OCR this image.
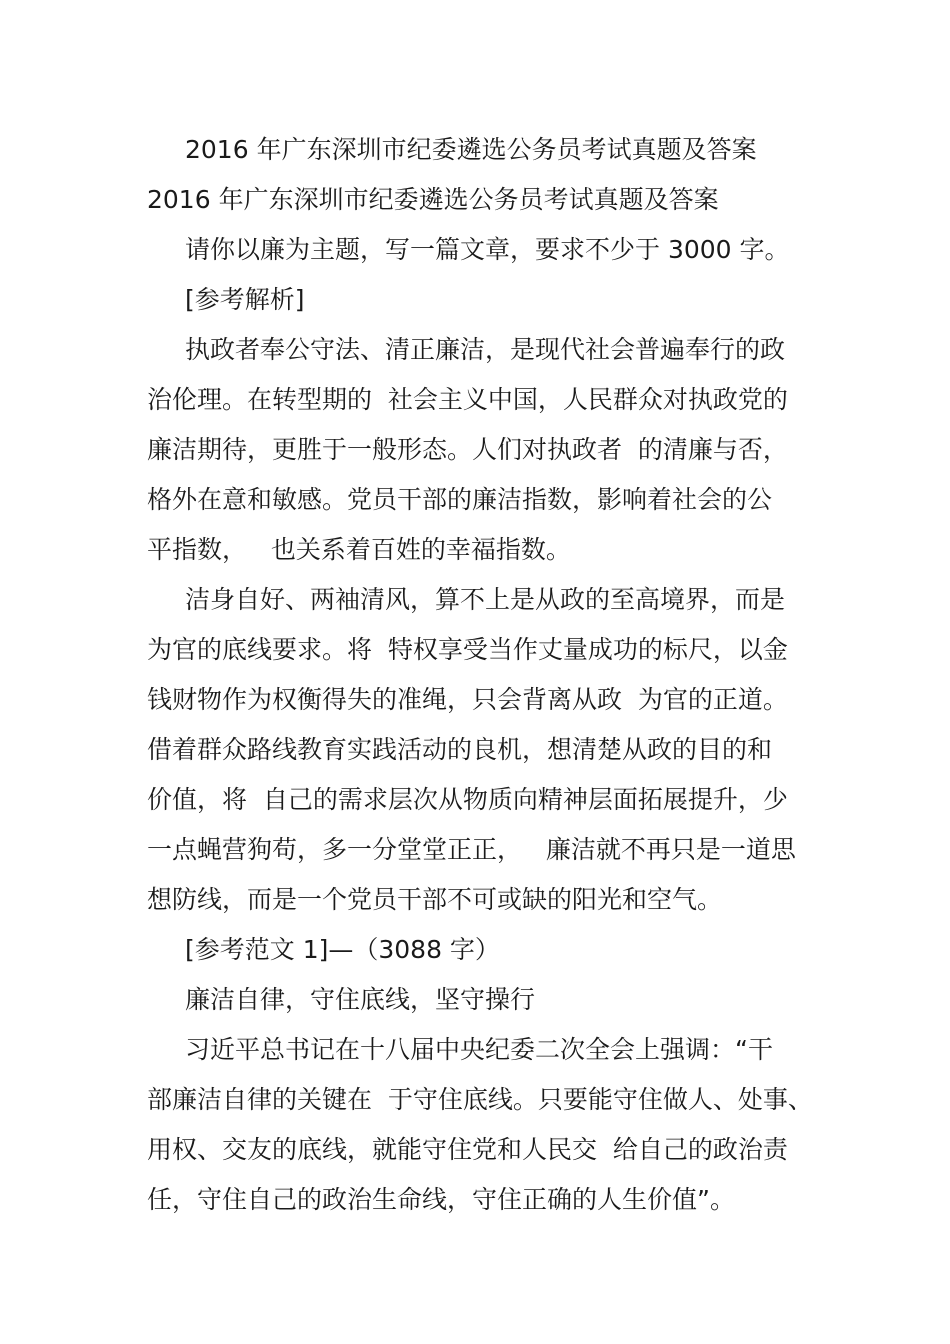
2016 年广东深圳市纪委遴选公务员考试真题及答案
2016 年广东深圳市纪委遴选公务员考试真题及答案
请你以廉为主题，写一篇文章，要求不少于 3000 字。
[参考解析]
执政者奉公守法、清正廉洁，是现代社会普遍奉行的政
治伦理。在转型期的  社会主义中国，人民群众对执政党的
廉洁期待，更胜于一般形态。人们对执政者  的清廉与否，
格外在意和敏感。党员干部的廉洁指数，影响着社会的公
平指数，   也关系着百姓的幸福指数。
洁身自好、两袖清风，算不上是从政的至高境界，而是
为官的底线要求。将  特权享受当作丈量成功的标尺，以金
钱财物作为权衡得失的准绳，只会背离从政  为官的正道。
借着群众路线教育实践活动的良机，想清楚从政的目的和
价值，将  自己的需求层次从物质向精神层面拓展提升，少
一点蝇营狗苟，多一分堂堂正正，   廉洁就不再只是一道思
想防线，而是一个党员干部不可或缺的阳光和空气。
[参考范文 1]—（3088 字）
廉洁自律，守住底线，坚守操行
习近平总书记在十八届中央纪委二次全会上强调：“干
部廉洁自律的关键在  于守住底线。只要能守住做人、处事、
用权、交友的底线，就能守住党和人民交  给自己的政治责
任，守住自己的政治生命线，守住正确的人生价值”。
